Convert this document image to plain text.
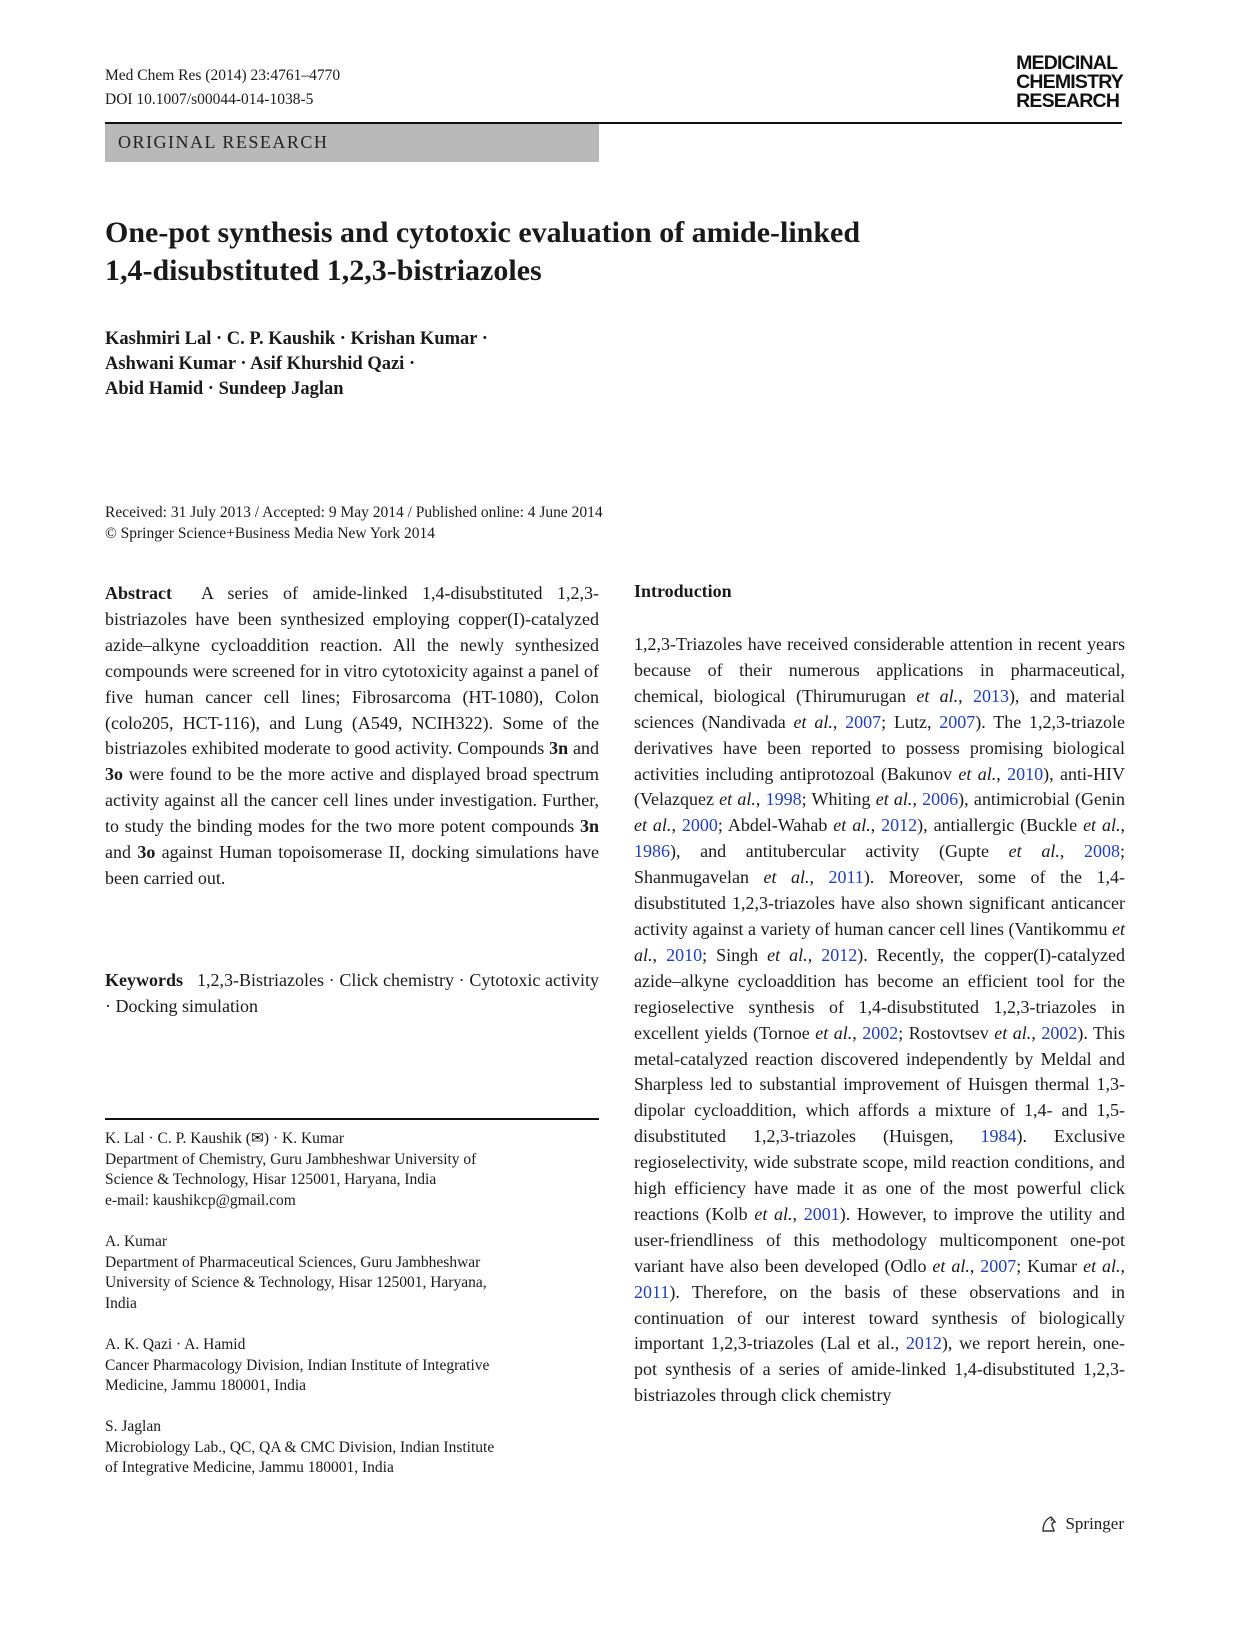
Med Chem Res (2014) 23:4761–4770
DOI 10.1007/s00044-014-1038-5
MEDICINAL
CHEMISTRY
RESEARCH
ORIGINAL RESEARCH
One-pot synthesis and cytotoxic evaluation of amide-linked
1,4-disubstituted 1,2,3-bistriazoles
Kashmiri Lal · C. P. Kaushik · Krishan Kumar ·
Ashwani Kumar · Asif Khurshid Qazi ·
Abid Hamid · Sundeep Jaglan
Received: 31 July 2013 / Accepted: 9 May 2014 / Published online: 4 June 2014
© Springer Science+Business Media New York 2014
Abstract A series of amide-linked 1,4-disubstituted 1,2,3-bistriazoles have been synthesized employing copper(I)-catalyzed azide–alkyne cycloaddition reaction. All the newly synthesized compounds were screened for in vitro cytotoxicity against a panel of five human cancer cell lines; Fibrosarcoma (HT-1080), Colon (colo205, HCT-116), and Lung (A549, NCIH322). Some of the bistriazoles exhibited moderate to good activity. Compounds 3n and 3o were found to be the more active and displayed broad spectrum activity against all the cancer cell lines under investigation. Further, to study the binding modes for the two more potent compounds 3n and 3o against Human topoisomerase II, docking simulations have been carried out.
Keywords 1,2,3-Bistriazoles · Click chemistry · Cytotoxic activity · Docking simulation
K. Lal · C. P. Kaushik (✉) · K. Kumar
Department of Chemistry, Guru Jambheshwar University of
Science & Technology, Hisar 125001, Haryana, India
e-mail: kaushikcp@gmail.com
A. Kumar
Department of Pharmaceutical Sciences, Guru Jambheshwar
University of Science & Technology, Hisar 125001, Haryana,
India
A. K. Qazi · A. Hamid
Cancer Pharmacology Division, Indian Institute of Integrative
Medicine, Jammu 180001, India
S. Jaglan
Microbiology Lab., QC, QA & CMC Division, Indian Institute
of Integrative Medicine, Jammu 180001, India
Introduction
1,2,3-Triazoles have received considerable attention in recent years because of their numerous applications in pharmaceutical, chemical, biological (Thirumurugan et al., 2013), and material sciences (Nandivada et al., 2007; Lutz, 2007). The 1,2,3-triazole derivatives have been reported to possess promising biological activities including antiprotozoal (Bakunov et al., 2010), anti-HIV (Velazquez et al., 1998; Whiting et al., 2006), antimicrobial (Genin et al., 2000; Abdel-Wahab et al., 2012), antiallergic (Buckle et al., 1986), and antitubercular activity (Gupte et al., 2008; Shanmugavelan et al., 2011). Moreover, some of the 1,4-disubstituted 1,2,3-triazoles have also shown significant anticancer activity against a variety of human cancer cell lines (Vantikommu et al., 2010; Singh et al., 2012). Recently, the copper(I)-catalyzed azide–alkyne cycloaddition has become an efficient tool for the regioselective synthesis of 1,4-disubstituted 1,2,3-triazoles in excellent yields (Tornoe et al., 2002; Rostovtsev et al., 2002). This metal-catalyzed reaction discovered independently by Meldal and Sharpless led to substantial improvement of Huisgen thermal 1,3-dipolar cycloaddition, which affords a mixture of 1,4- and 1,5-disubstituted 1,2,3-triazoles (Huisgen, 1984). Exclusive regioselectivity, wide substrate scope, mild reaction conditions, and high efficiency have made it as one of the most powerful click reactions (Kolb et al., 2001). However, to improve the utility and user-friendliness of this methodology multicomponent one-pot variant have also been developed (Odlo et al., 2007; Kumar et al., 2011). Therefore, on the basis of these observations and in continuation of our interest toward synthesis of biologically important 1,2,3-triazoles (Lal et al., 2012), we report herein, one-pot synthesis of a series of amide-linked 1,4-disubstituted 1,2,3-bistriazoles through click chemistry
Springer
